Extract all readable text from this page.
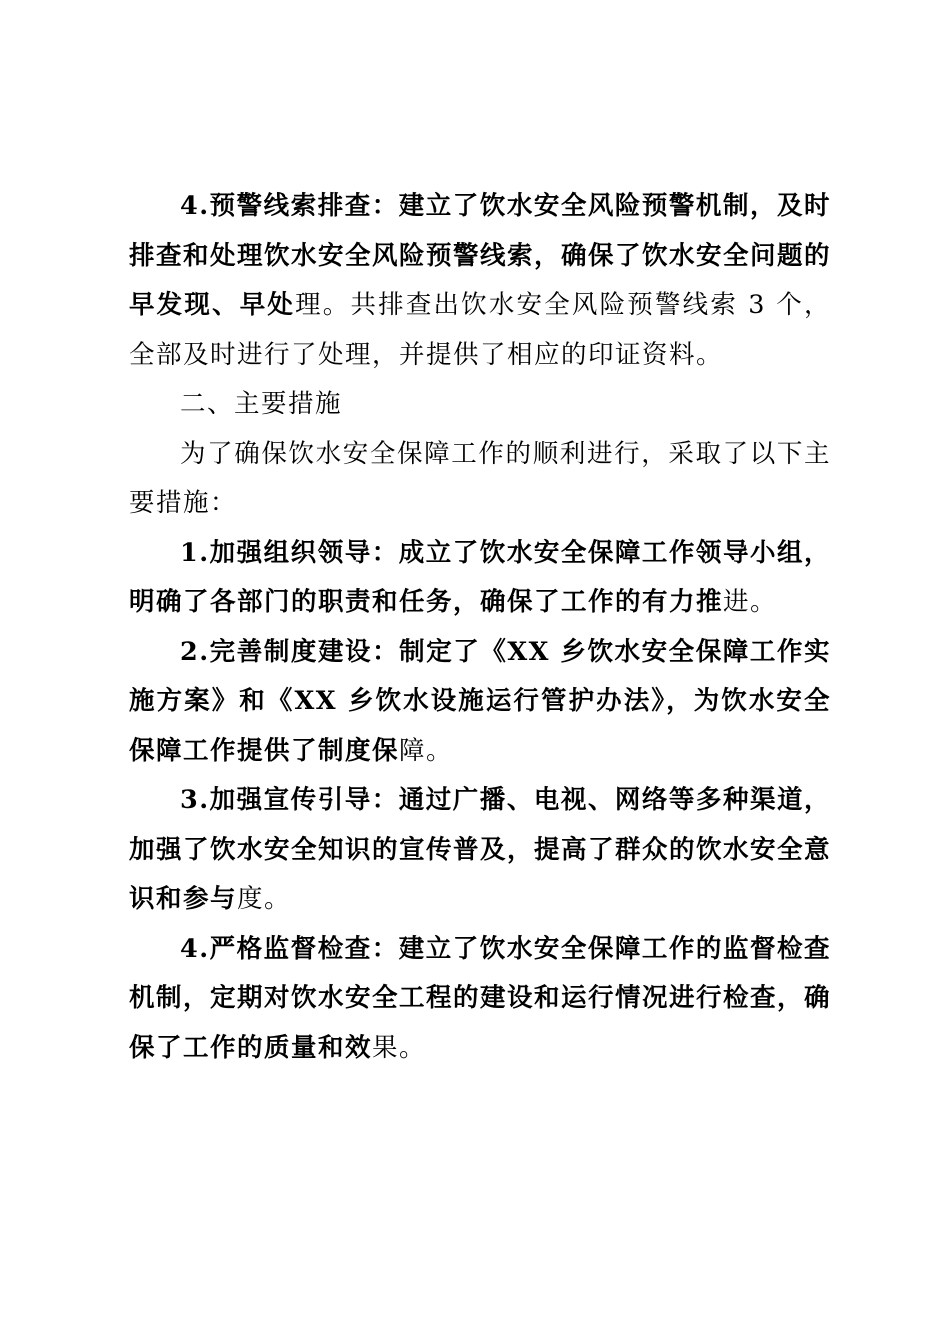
4.预警线索排查：建立了饮水安全风险预警机制，及时排查和处理饮水安全风险预警线索，确保了饮水安全问题的早发现、早处理。共排查出饮水安全风险预警线索 3 个，全部及时进行了处理，并提供了相应的印证资料。

二、主要措施

为了确保饮水安全保障工作的顺利进行，采取了以下主要措施：

1.加强组织领导：成立了饮水安全保障工作领导小组，明确了各部门的职责和任务，确保了工作的有力推进。

2.完善制度建设：制定了《XX 乡饮水安全保障工作实施方案》和《XX 乡饮水设施运行管护办法》，为饮水安全保障工作提供了制度保障。

3.加强宣传引导：通过广播、电视、网络等多种渠道，加强了饮水安全知识的宣传普及，提高了群众的饮水安全意识和参与度。

4.严格监督检查：建立了饮水安全保障工作的监督检查机制，定期对饮水安全工程的建设和运行情况进行检查，确保了工作的质量和效果。
